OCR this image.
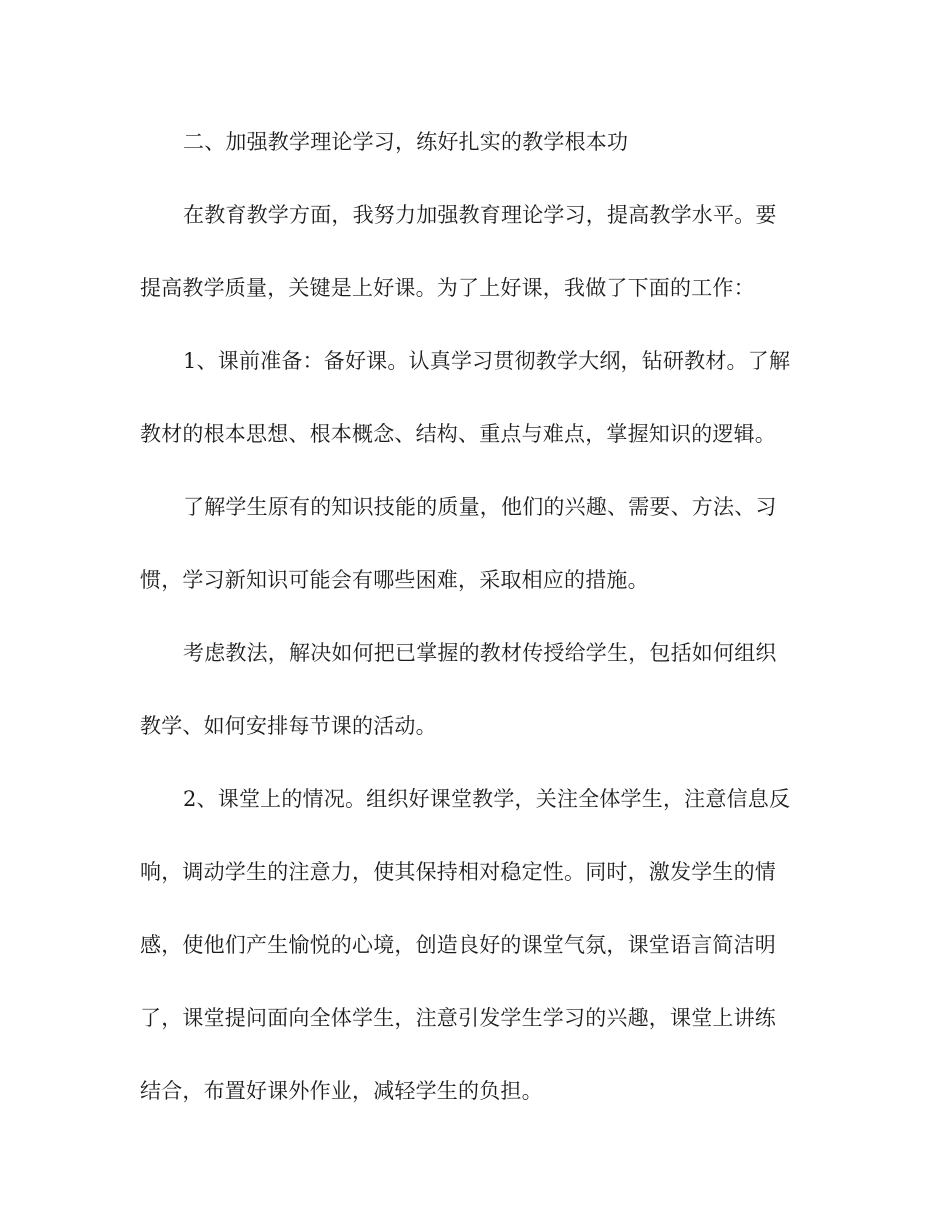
二、加强教学理论学习，练好扎实的教学根本功
在教育教学方面，我努力加强教育理论学习，提高教学水平。要
提高教学质量，关键是上好课。为了上好课，我做了下面的工作：
1、课前准备：备好课。认真学习贯彻教学大纲，钻研教材。了解
教材的根本思想、根本概念、结构、重点与难点，掌握知识的逻辑。
了解学生原有的知识技能的质量，他们的兴趣、需要、方法、习
惯，学习新知识可能会有哪些困难，采取相应的措施。
考虑教法，解决如何把已掌握的教材传授给学生，包括如何组织
教学、如何安排每节课的活动。
2、课堂上的情况。组织好课堂教学，关注全体学生，注意信息反
响，调动学生的注意力，使其保持相对稳定性。同时，激发学生的情
感，使他们产生愉悦的心境，创造良好的课堂气氛，课堂语言简洁明
了，课堂提问面向全体学生，注意引发学生学习的兴趣，课堂上讲练
结合，布置好课外作业，减轻学生的负担。
